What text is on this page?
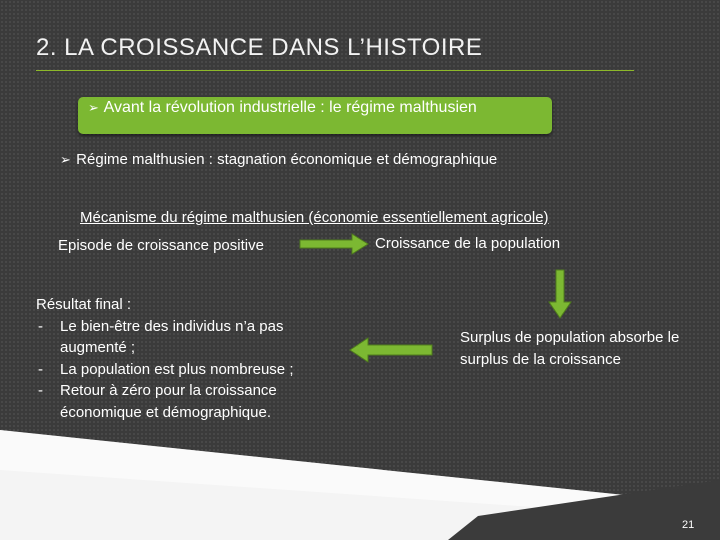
2. LA CROISSANCE DANS L’HISTOIRE
➢ Avant la révolution industrielle : le régime malthusien
➢ Régime malthusien : stagnation économique et démographique
Mécanisme du régime malthusien (économie essentiellement agricole)
Croissance de la population
Surplus de population absorbe le surplus de la croissance
Résultat final :
- Le bien-être des individus n’a pas augmenté ;
- La population est plus nombreuse ;
- Retour à zéro pour la croissance économique et démographique.
Episode de croissance positive
21
